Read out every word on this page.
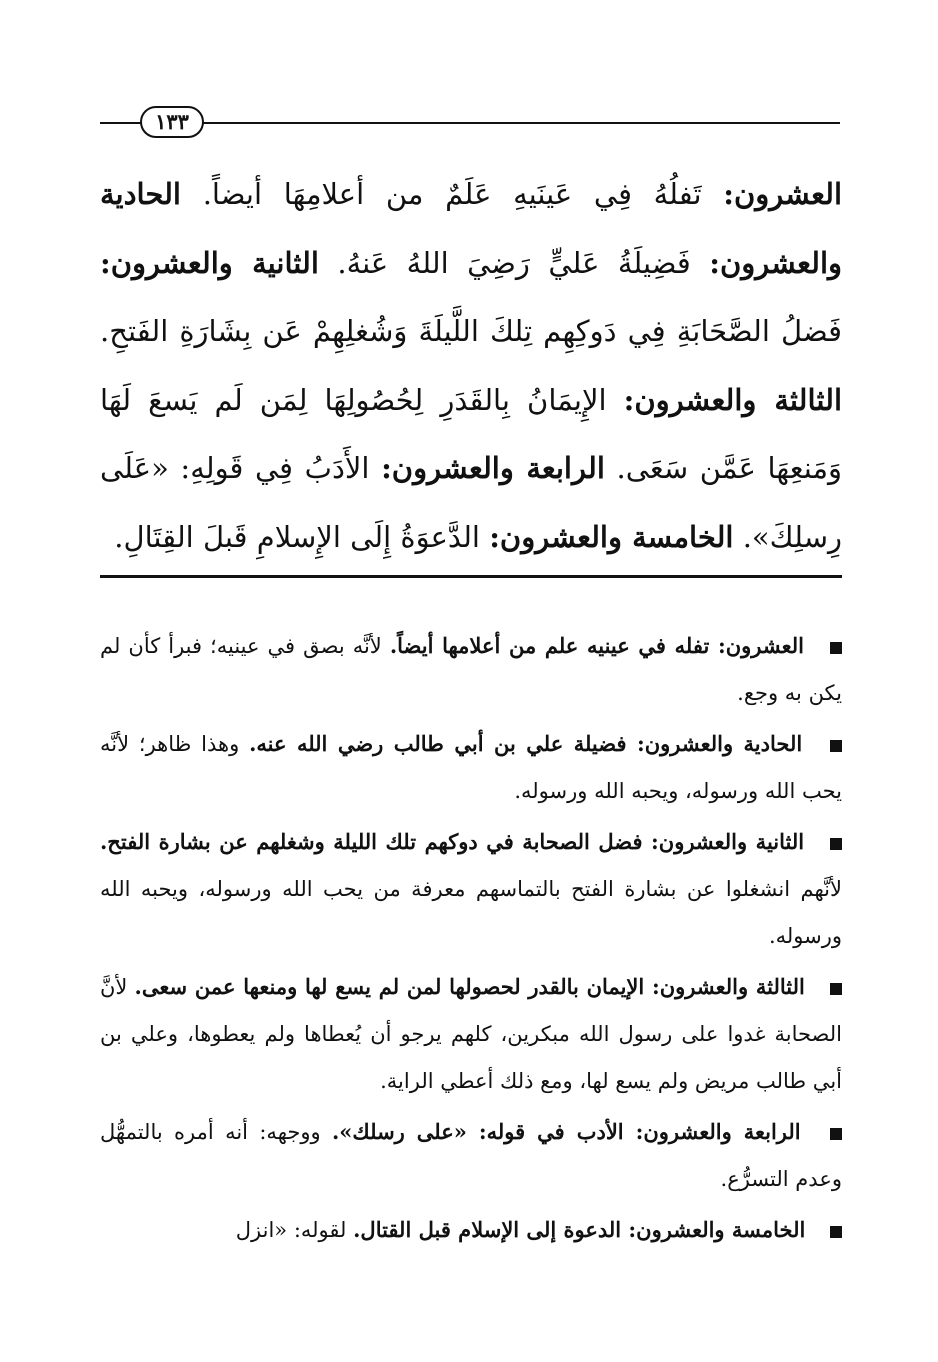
١٣٣
العشرون: تَفلُهُ فِي عَينَيهِ عَلَمٌ من أعلامِهَا أيضاً. الحادية والعشرون: فَضِيلَةُ عَليٍّ رَضِيَ اللهُ عَنهُ. الثانية والعشرون: فَضلُ الصَّحَابَةِ فِي دَوكِهِم تِلكَ اللَّيلَةَ وَشُغلِهِمْ عَن بِشَارَةِ الفَتحِ. الثالثة والعشرون: الإِيمَانُ بِالقَدَرِ لِحُصُولِهَا لِمَن لَم يَسعَ لَهَا وَمَنعِهَا عَمَّن سَعَى. الرابعة والعشرون: الأَدَبُ فِي قَولِهِ: «عَلَى رِسلِكَ». الخامسة والعشرون: الدَّعوَةُ إِلَى الإِسلامِ قَبلَ القِتَالِ.

العشرون: تفله في عينيه علم من أعلامها أيضاً. لأنَّه بصق في عينيه؛ فبرأ كأن لم يكن به وجع.

الحادية والعشرون: فضيلة علي بن أبي طالب رضي الله عنه. وهذا ظاهر؛ لأنَّه يحب الله ورسوله، ويحبه الله ورسوله.

الثانية والعشرون: فضل الصحابة في دوكهم تلك الليلة وشغلهم عن بشارة الفتح. لأنَّهم انشغلوا عن بشارة الفتح بالتماسهم معرفة من يحب الله ورسوله، ويحبه الله ورسوله.

الثالثة والعشرون: الإيمان بالقدر لحصولها لمن لم يسع لها ومنعها عمن سعى. لأنَّ الصحابة غدوا على رسول الله مبكرين، كلهم يرجو أن يُعطاها ولم يعطوها، وعلي بن أبي طالب مريض ولم يسع لها، ومع ذلك أعطي الراية.

الرابعة والعشرون: الأدب في قوله: «على رسلك». ووجهه: أنه أمره بالتمهُّل وعدم التسرُّع.

الخامسة والعشرون: الدعوة إلى الإسلام قبل القتال. لقوله: «انزل
